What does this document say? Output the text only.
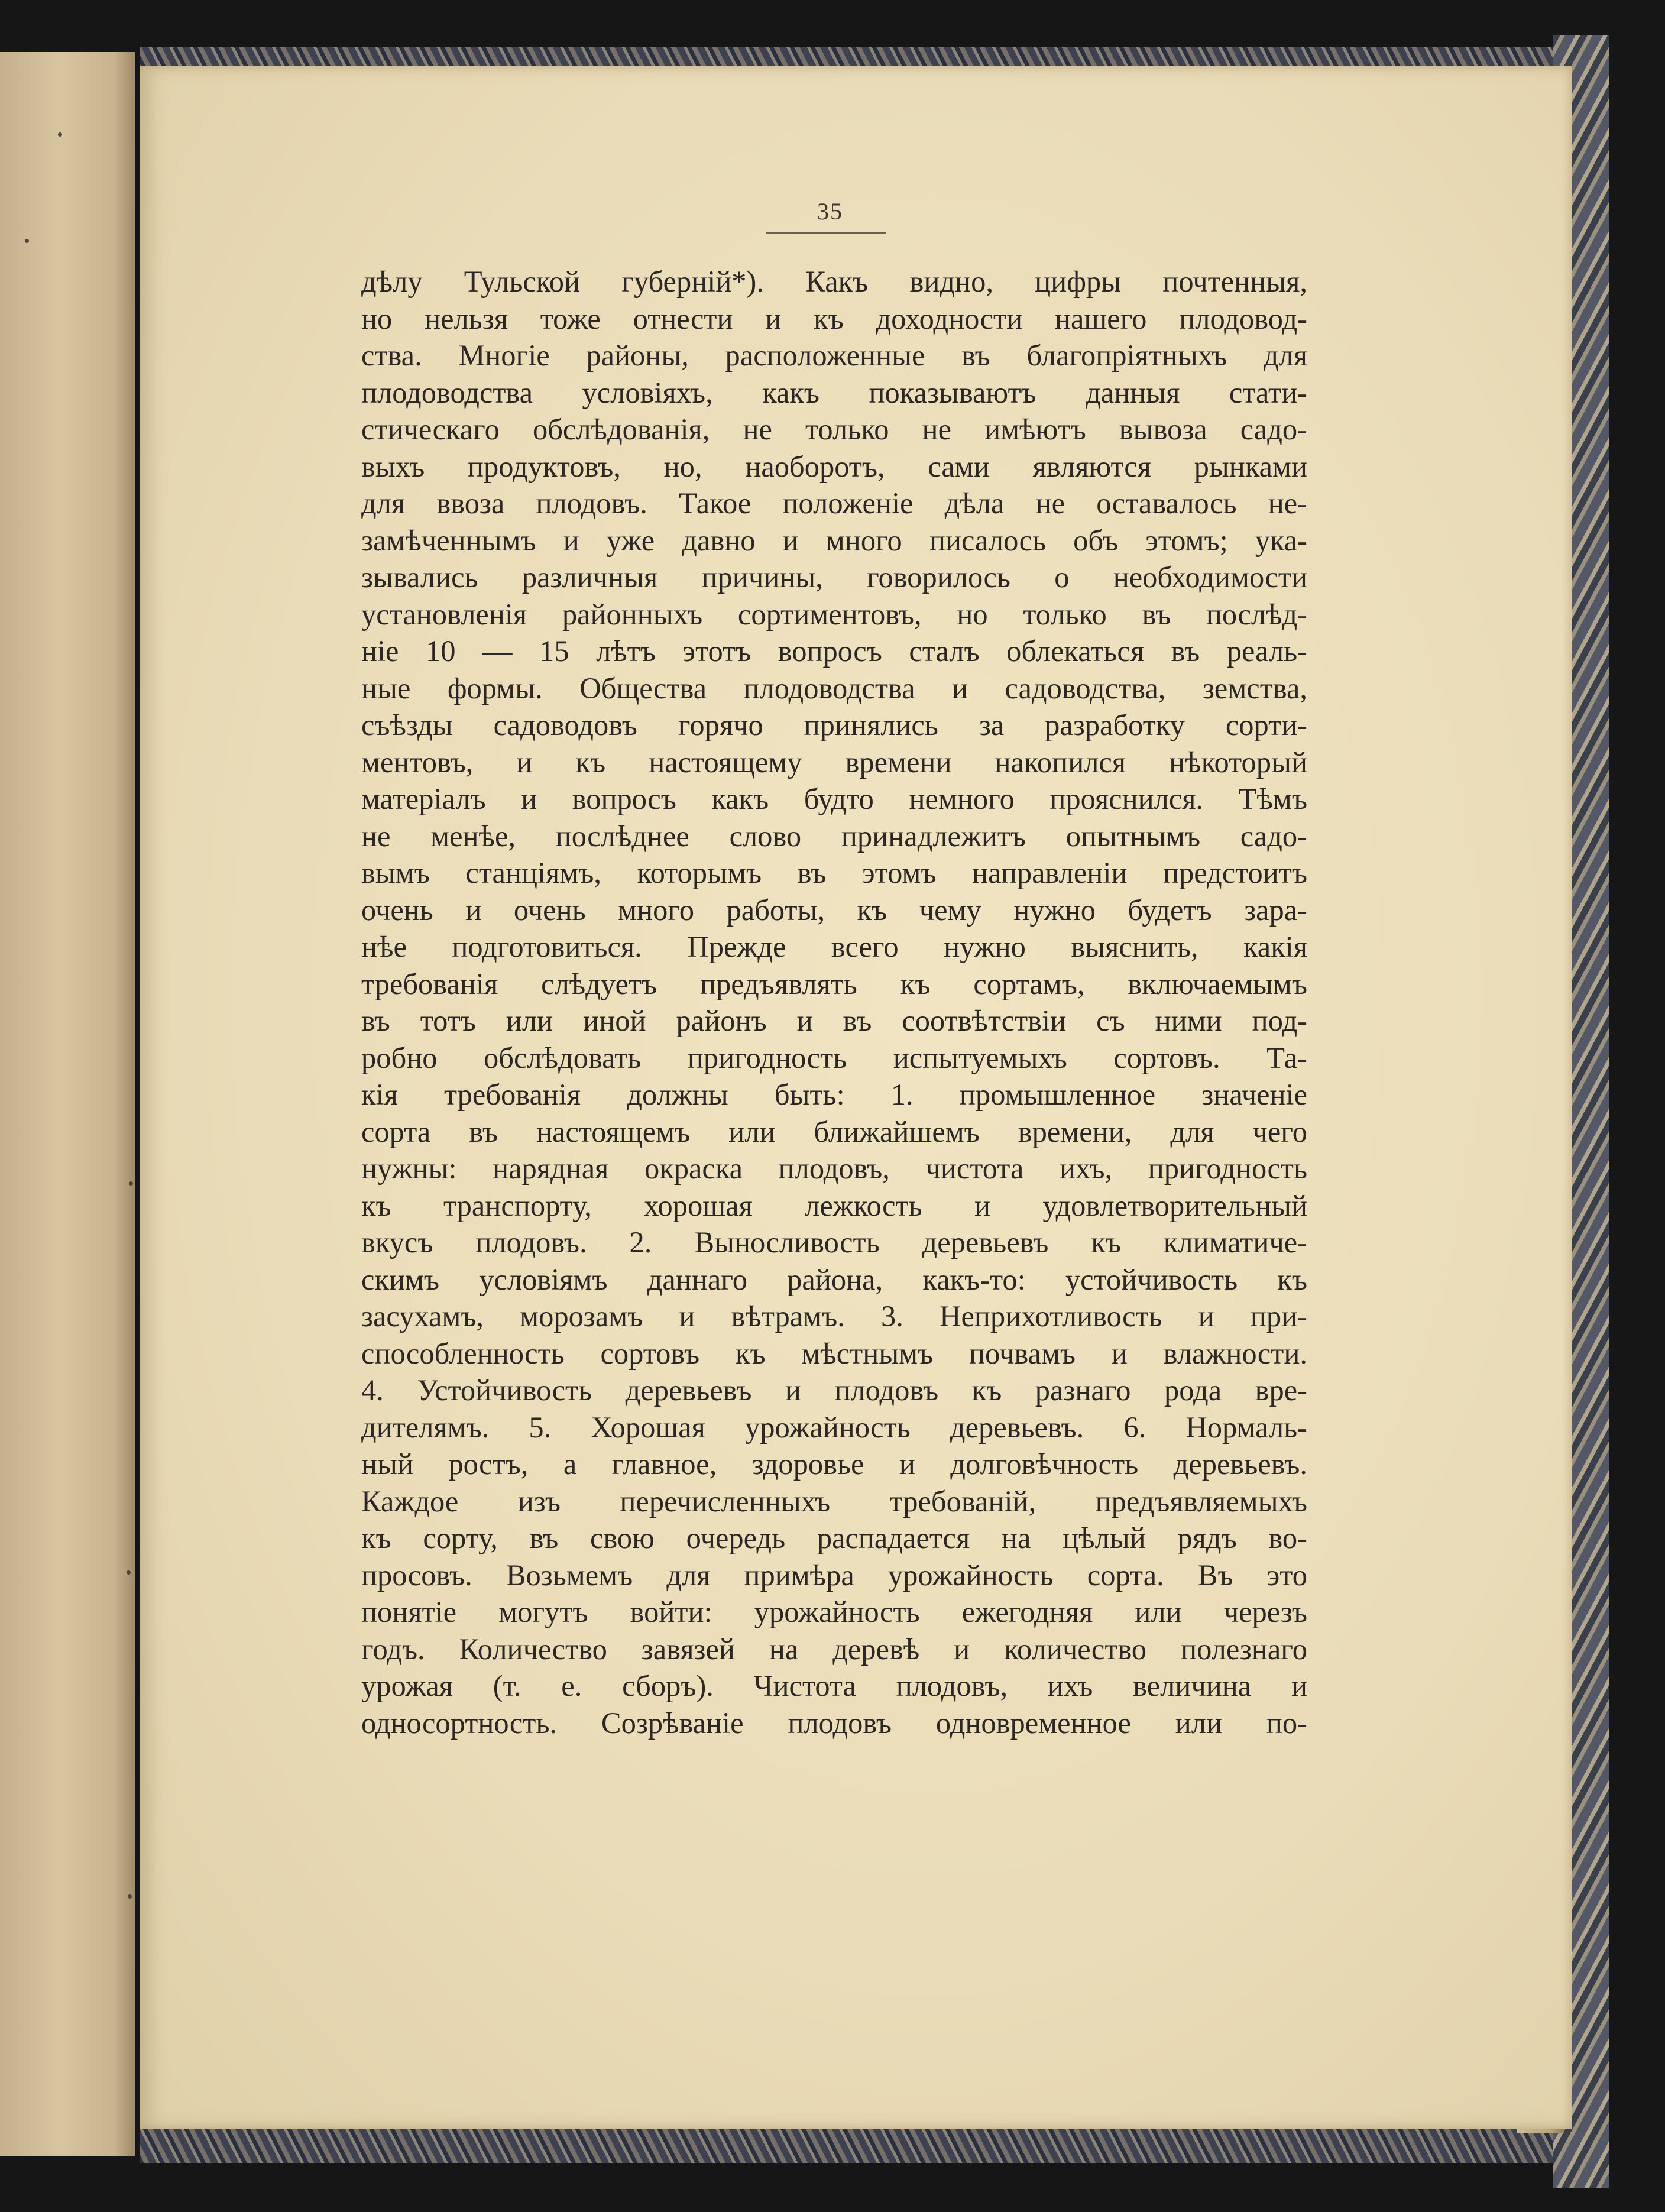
35
дѣлу Тульской губерній*). Какъ видно, цифры почтенныя,
но нельзя тоже отнести и къ доходности нашего плодовод-
ства. Многіе районы, расположенные въ благопріятныхъ для
плодоводства условіяхъ, какъ показываютъ данныя стати-
стическаго обслѣдованія, не только не имѣютъ вывоза садо-
выхъ продуктовъ, но, наоборотъ, сами являются рынками
для ввоза плодовъ. Такое положеніе дѣла не оставалось не-
замѣченнымъ и уже давно и много писалось объ этомъ; ука-
зывались различныя причины, говорилось о необходимости
установленія районныхъ сортиментовъ, но только въ послѣд-
ніе 10 — 15 лѣтъ этотъ вопросъ сталъ облекаться въ реаль-
ные формы. Общества плодоводства и садоводства, земства,
съѣзды садоводовъ горячо принялись за разработку сорти-
ментовъ, и къ настоящему времени накопился нѣкоторый
матеріалъ и вопросъ какъ будто немного прояснился. Тѣмъ
не менѣе, послѣднее слово принадлежитъ опытнымъ садо-
вымъ станціямъ, которымъ въ этомъ направленіи предстоитъ
очень и очень много работы, къ чему нужно будетъ зара-
нѣе подготовиться. Прежде всего нужно выяснить, какія
требованія слѣдуетъ предъявлять къ сортамъ, включаемымъ
въ тотъ или иной районъ и въ соотвѣтствіи съ ними под-
робно обслѣдовать пригодность испытуемыхъ сортовъ. Та-
кія требованія должны быть: 1. промышленное значеніе
сорта въ настоящемъ или ближайшемъ времени, для чего
нужны: нарядная окраска плодовъ, чистота ихъ, пригодность
къ транспорту, хорошая лежкость и удовлетворительный
вкусъ плодовъ. 2. Выносливость деревьевъ къ климатиче-
скимъ условіямъ даннаго района, какъ-то: устойчивость къ
засухамъ, морозамъ и вѣтрамъ. 3. Неприхотливость и при-
способленность сортовъ къ мѣстнымъ почвамъ и влажности.
4. Устойчивость деревьевъ и плодовъ къ разнаго рода вре-
дителямъ. 5. Хорошая урожайность деревьевъ. 6. Нормаль-
ный ростъ, а главное, здоровье и долговѣчность деревьевъ.
Каждое изъ перечисленныхъ требованій, предъявляемыхъ
къ сорту, въ свою очередь распадается на цѣлый рядъ во-
просовъ. Возьмемъ для примѣра урожайность сорта. Въ это
понятіе могутъ войти: урожайность ежегодняя или черезъ
годъ. Количество завязей на деревѣ и количество полезнаго
урожая (т. е. сборъ). Чистота плодовъ, ихъ величина и
односортность. Созрѣваніе плодовъ одновременное или по-
